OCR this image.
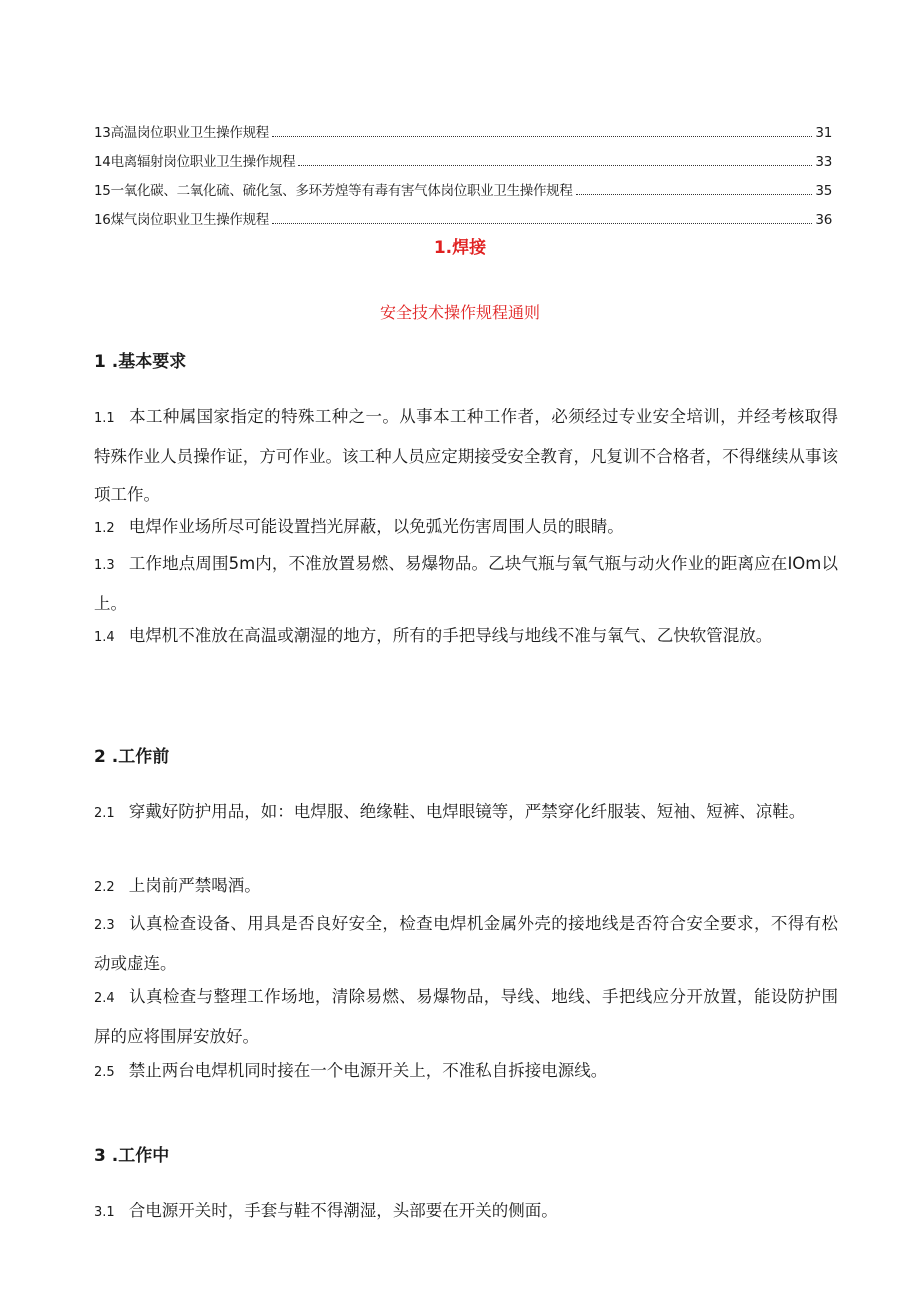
13高温岗位职业卫生操作规程	31
14电离辐射岗位职业卫生操作规程	33
15一氧化碳、二氧化硫、硫化氢、多环芳煌等有毒有害气体岗位职业卫生操作规程	35
16煤气岗位职业卫生操作规程	36
1.焊接
安全技术操作规程通则
1 .基本要求
1.1 本工种属国家指定的特殊工种之一。从事本工种工作者，必须经过专业安全培训，并经考核取得特殊作业人员操作证，方可作业。该工种人员应定期接受安全教育，凡复训不合格者，不得继续从事该项工作。
1.2 电焊作业场所尽可能设置挡光屏蔽，以免弧光伤害周围人员的眼睛。
1.3 工作地点周围5m内，不准放置易燃、易爆物品。乙块气瓶与氧气瓶与动火作业的距离应在IOm以上。
1.4 电焊机不准放在高温或潮湿的地方，所有的手把导线与地线不准与氧气、乙快软管混放。
2 .工作前
2.1 穿戴好防护用品，如：电焊服、绝缘鞋、电焊眼镜等，严禁穿化纤服装、短袖、短裤、凉鞋。
2.2 上岗前严禁喝酒。
2.3 认真检查设备、用具是否良好安全，检查电焊机金属外壳的接地线是否符合安全要求，不得有松动或虚连。
2.4 认真检查与整理工作场地，清除易燃、易爆物品，导线、地线、手把线应分开放置，能设防护围屏的应将围屏安放好。
2.5 禁止两台电焊机同时接在一个电源开关上，不准私自拆接电源线。
3 .工作中
3.1 合电源开关时，手套与鞋不得潮湿，头部要在开关的侧面。
